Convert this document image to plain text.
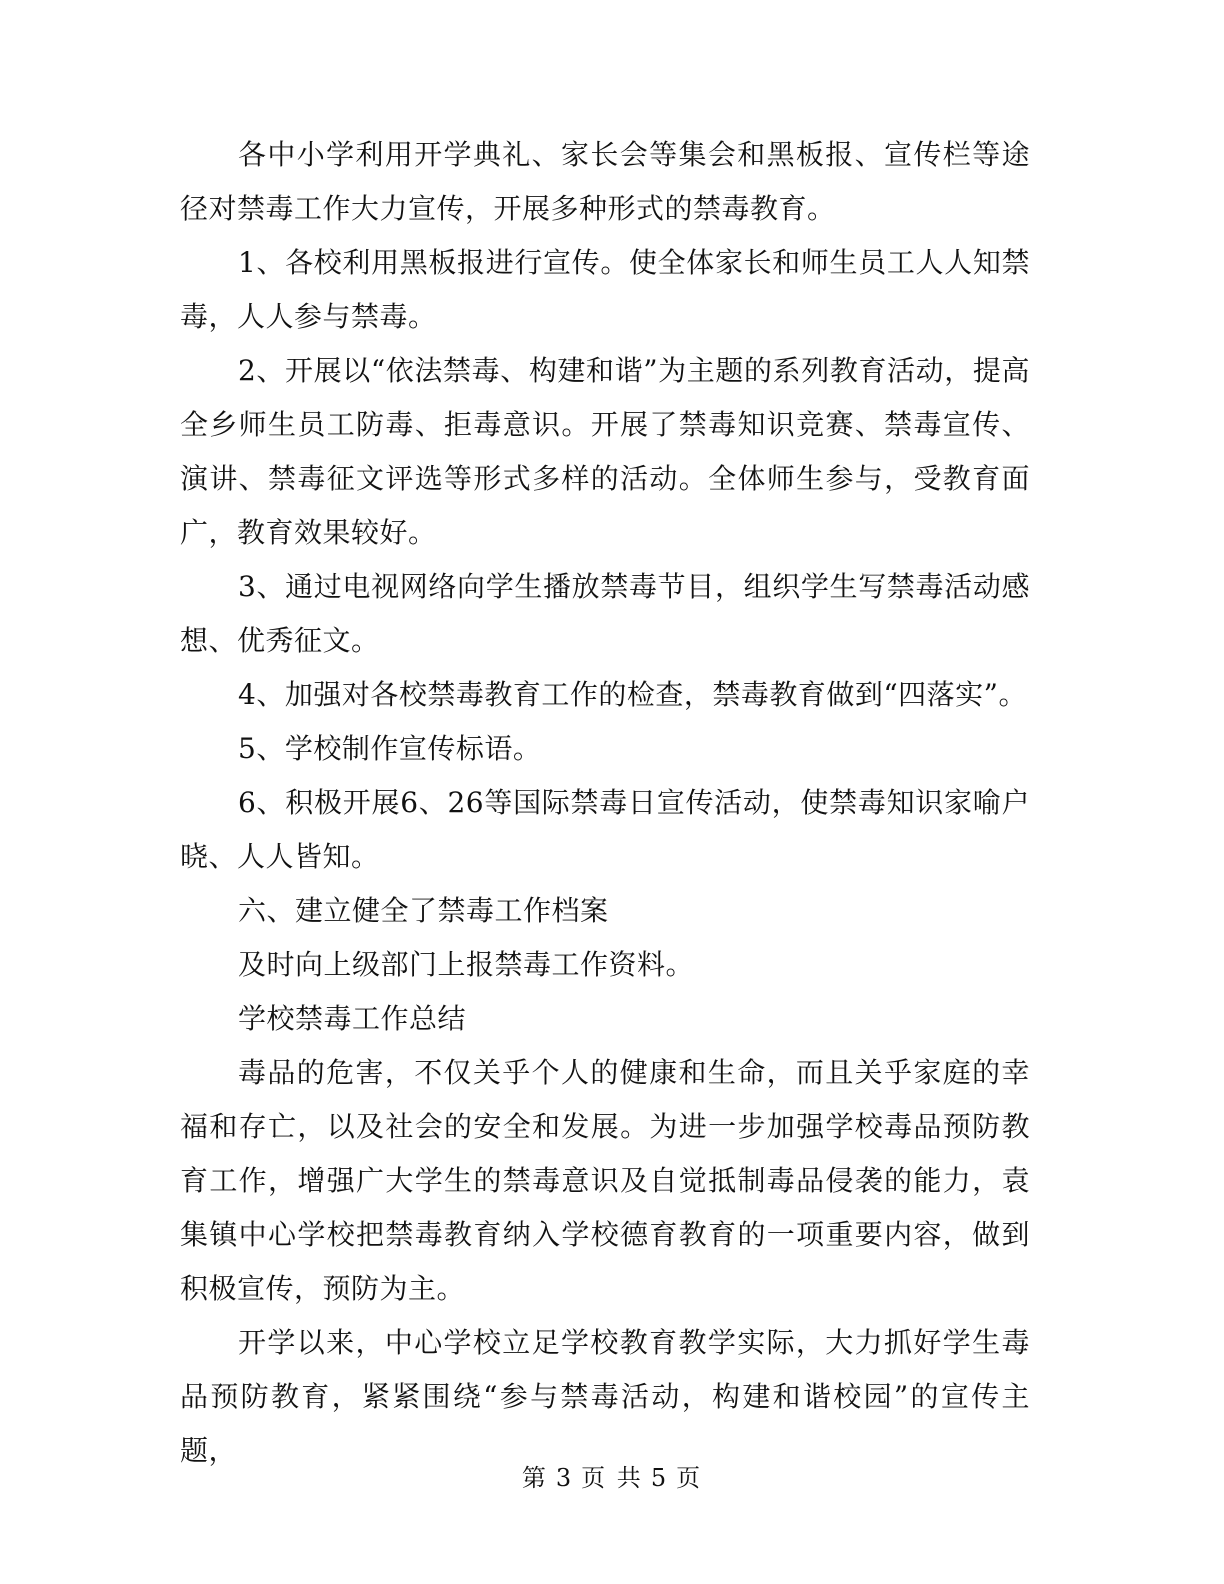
各中小学利用开学典礼、家长会等集会和黑板报、宣传栏等途径对禁毒工作大力宣传，开展多种形式的禁毒教育。

1、各校利用黑板报进行宣传。使全体家长和师生员工人人知禁毒，人人参与禁毒。

2、开展以“依法禁毒、构建和谐”为主题的系列教育活动，提高全乡师生员工防毒、拒毒意识。开展了禁毒知识竞赛、禁毒宣传、演讲、禁毒征文评选等形式多样的活动。全体师生参与，受教育面广，教育效果较好。

3、通过电视网络向学生播放禁毒节目，组织学生写禁毒活动感想、优秀征文。

4、加强对各校禁毒教育工作的检查，禁毒教育做到“四落实”。

5、学校制作宣传标语。

6、积极开展6、26等国际禁毒日宣传活动，使禁毒知识家喻户晓、人人皆知。

六、建立健全了禁毒工作档案

及时向上级部门上报禁毒工作资料。

学校禁毒工作总结

毒品的危害，不仅关乎个人的健康和生命，而且关乎家庭的幸福和存亡，以及社会的安全和发展。为进一步加强学校毒品预防教育工作，增强广大学生的禁毒意识及自觉抵制毒品侵袭的能力，袁集镇中心学校把禁毒教育纳入学校德育教育的一项重要内容，做到积极宣传，预防为主。

开学以来，中心学校立足学校教育教学实际，大力抓好学生毒品预防教育，紧紧围绕“参与禁毒活动，构建和谐校园”的宣传主题，

第 3 页 共 5 页
